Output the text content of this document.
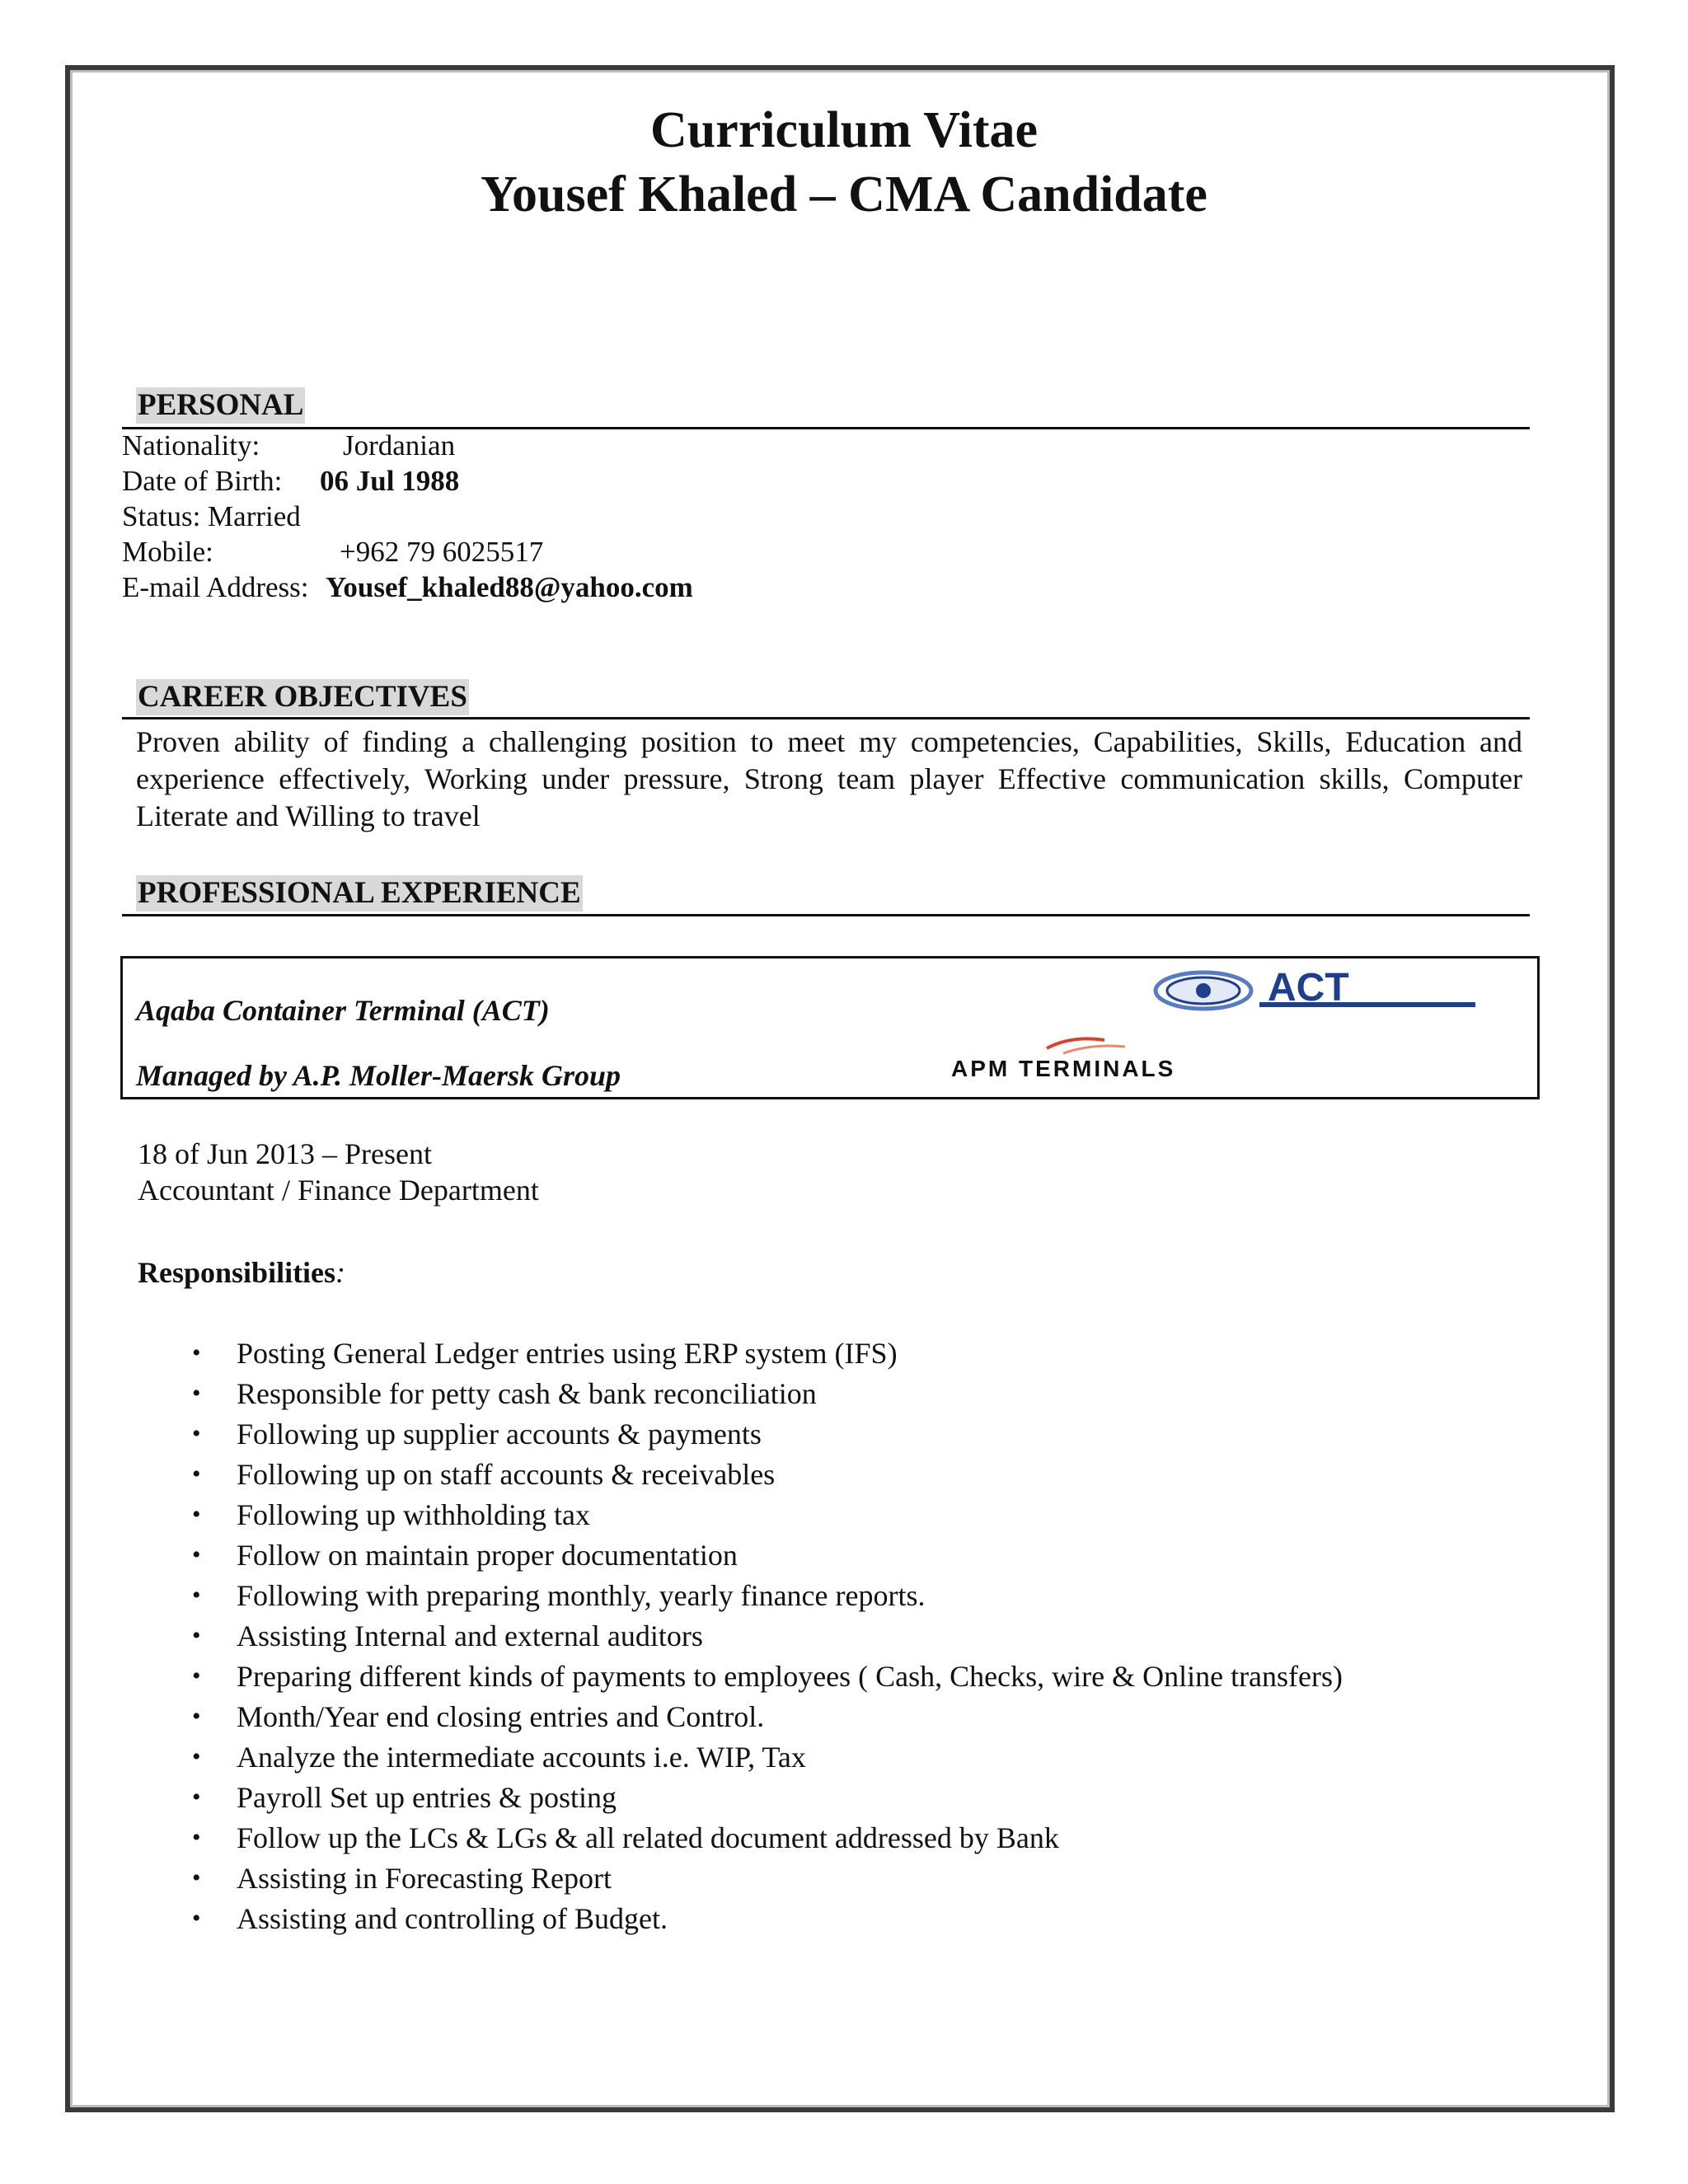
Curriculum Vitae
Yousef Khaled – CMA Candidate
PERSONAL
Nationality:	Jordanian
Date of Birth: 06 Jul 1988
Status: Married
Mobile:	+962 79 6025517
E-mail Address: Yousef_khaled88@yahoo.com
CAREER OBJECTIVES
Proven ability of finding a challenging position to meet my competencies, Capabilities, Skills, Education and experience effectively, Working under pressure, Strong team player Effective communication skills, Computer Literate and Willing to travel
PROFESSIONAL EXPERIENCE
Aqaba Container Terminal (ACT)
Managed by A.P. Moller-Maersk Group
ACT
APM TERMINALS
18 of Jun 2013 – Present
Accountant / Finance Department
Responsibilities:
• Posting General Ledger entries using ERP system (IFS)
• Responsible for petty cash & bank reconciliation
• Following up supplier accounts & payments
• Following up on staff accounts & receivables
• Following up withholding tax
• Follow on maintain proper documentation
• Following with preparing monthly, yearly finance reports.
• Assisting Internal and external auditors
• Preparing different kinds of payments to employees ( Cash, Checks, wire & Online transfers)
• Month/Year end closing entries and Control.
• Analyze the intermediate accounts i.e. WIP, Tax
• Payroll Set up entries & posting
• Follow up the LCs & LGs & all related document addressed by Bank
• Assisting in Forecasting Report
• Assisting and controlling of Budget.
